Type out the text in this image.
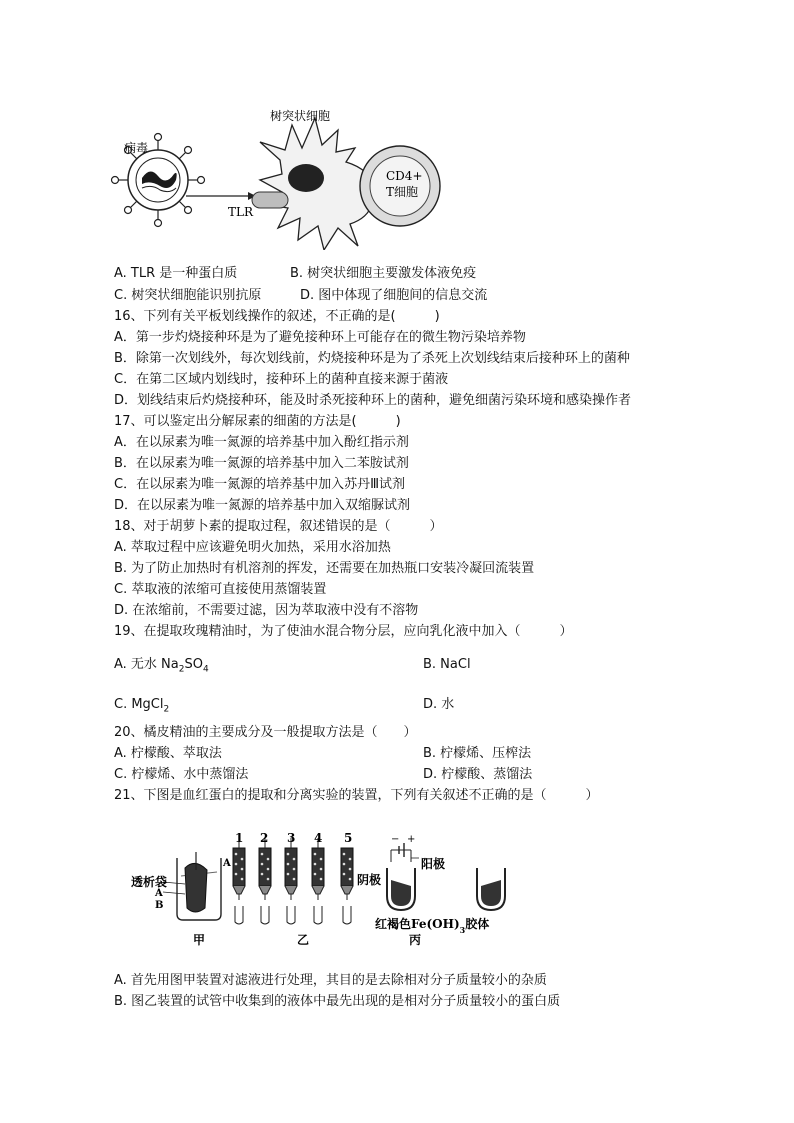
病毒
TLR
CD4+
T细胞
树突状细胞
A. TLR 是一种蛋白质	B. 树突状细胞主要激发体液免疫
C. 树突状细胞能识别抗原	D. 图中体现了细胞间的信息交流
16、下列有关平板划线操作的叙述，不正确的是(　　　)
A．第一步灼烧接种环是为了避免接种环上可能存在的微生物污染培养物
B．除第一次划线外，每次划线前，灼烧接种环是为了杀死上次划线结束后接种环上的菌种
C．在第二区域内划线时，接种环上的菌种直接来源于菌液
D．划线结束后灼烧接种环，能及时杀死接种环上的菌种，避免细菌污染环境和感染操作者
17、可以鉴定出分解尿素的细菌的方法是(　　　)
A．在以尿素为唯一氮源的培养基中加入酚红指示剂
B．在以尿素为唯一氮源的培养基中加入二苯胺试剂
C．在以尿素为唯一氮源的培养基中加入苏丹Ⅲ试剂
D．在以尿素为唯一氮源的培养基中加入双缩脲试剂
18、对于胡萝卜素的提取过程，叙述错误的是（　　　）
A. 萃取过程中应该避免明火加热，采用水浴加热
B. 为了防止加热时有机溶剂的挥发，还需要在加热瓶口安装冷凝回流装置
C. 萃取液的浓缩可直接使用蒸馏装置
D. 在浓缩前，不需要过滤，因为萃取液中没有不溶物
19、在提取玫瑰精油时，为了使油水混合物分层，应向乳化液中加入（　　　）
A. 无水 $Na_2SO_4$	B. NaCl
C. MgCl$_2$	D. 水
20、橘皮精油的主要成分及一般提取方法是（　　）
A. 柠檬酸、萃取法	B. 柠檬烯、压榨法
C. 柠檬烯、水中蒸馏法	D. 柠檬酸、蒸馏法
21、下图是血红蛋白的提取和分离实验的装置，下列有关叙述不正确的是（　　　）
透析袋
A
B
甲
A
1 2 3 4 5
乙
− +
阴极
阳极
红褐色$Fe(OH)_3$胶体
丙
A. 首先用图甲装置对滤液进行处理，其目的是去除相对分子质量较小的杂质
B. 图乙装置的试管中收集到的液体中最先出现的是相对分子质量较小的蛋白质
